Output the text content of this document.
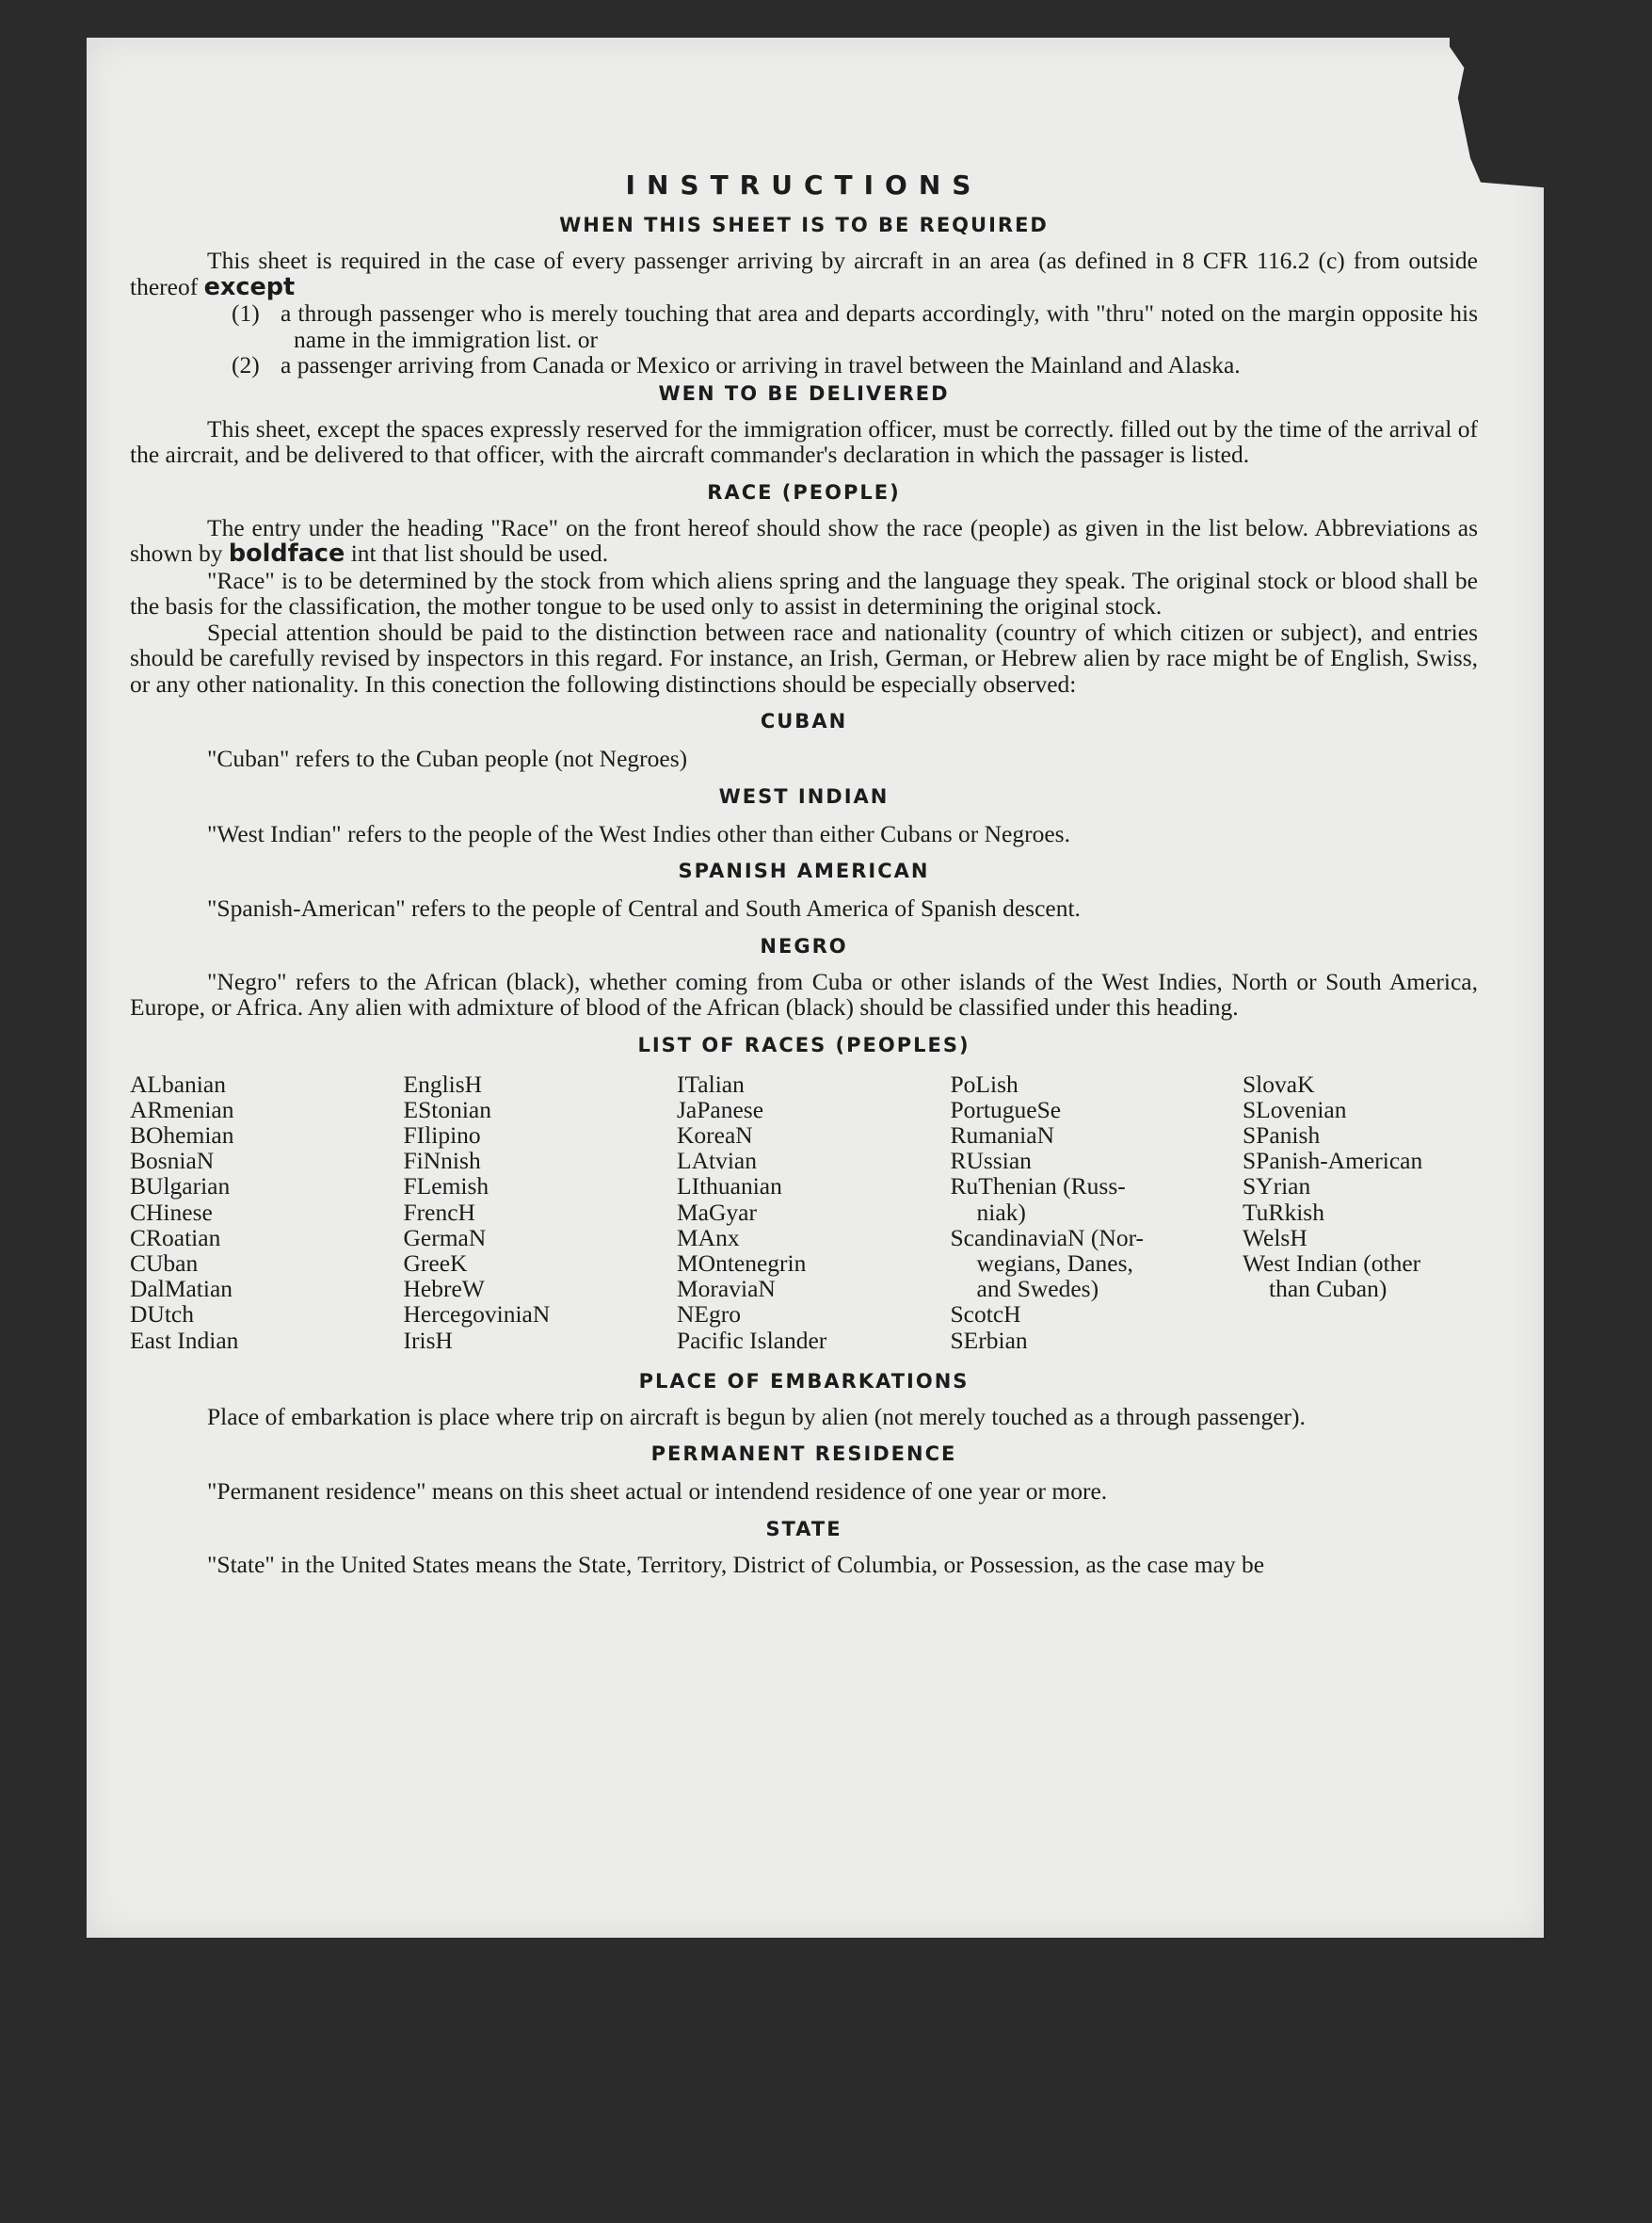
INSTRUCTIONS
WHEN THIS SHEET IS TO BE REQUIRED

This sheet is required in the case of every passenger arriving by aircraft in an area (as defined in 8 CFR 116.2 (c) from outside thereof except

(1) a through passenger who is merely touching that area and departs accordingly, with "thru" noted on the margin opposite his name in the immigration list. or

(2) a passenger arriving from Canada or Mexico or arriving in travel between the Mainland and Alaska.

WEN TO BE DELIVERED

This sheet, except the spaces expressly reserved for the immigration officer, must be correctly. filled out by the time of the arrival of the aircrait, and be delivered to that officer, with the aircraft commander's declaration in which the passager is listed.

RACE (PEOPLE)

The entry under the heading "Race" on the front hereof should show the race (people) as given in the list below. Abbreviations as shown by boldface int that list should be used.

"Race" is to be determined by the stock from which aliens spring and the language they speak. The original stock or blood shall be the basis for the classification, the mother tongue to be used only to assist in determining the original stock.

Special attention should be paid to the distinction between race and nationality (country of which citizen or subject), and entries should be carefully revised by inspectors in this regard. For instance, an Irish, German, or Hebrew alien by race might be of English, Swiss, or any other nationality. In this conection the following distinctions should be especially observed:

CUBAN

"Cuban" refers to the Cuban people (not Negroes)

WEST INDIAN

"West Indian" refers to the people of the West Indies other than either Cubans or Negroes.

SPANISH AMERICAN

"Spanish-American" refers to the people of Central and South America of Spanish descent.

NEGRO

"Negro" refers to the African (black), whether coming from Cuba or other islands of the West Indies, North or South America, Europe, or Africa. Any alien with admixture of blood of the African (black) should be classified under this heading.

LIST OF RACES (PEOPLES)
ALbanian
ARmenian
BOhemian
BosniaN
BUlgarian
CHinese
CRoatian
CUban
DalMatian
DUtch
East Indian
EnglisH
EStonian
FIlipino
FiNnish
FLemish
FrencH
GermaN
GreeK
HebreW
HercegoviniaN
IrisH
ITalian
JaPanese
KoreaN
LAtvian
LIthuanian
MaGyar
MAnx
MOntenegrin
MoraviaN
NEgro
Pacific Islander
PoLish
PortugueSe
RumaniaN
RUssian
RuThenian (Russ-
niak)
ScandinaviaN (Nor-
wegians, Danes,
and Swedes)
ScotcH
SErbian
SlovaK
SLovenian
SPanish
SPanish-American
SYrian
TuRkish
WelsH
West Indian (other
than Cuban)
PLACE OF EMBARKATIONS

Place of embarkation is place where trip on aircraft is begun by alien (not merely touched as a through passenger).

PERMANENT RESIDENCE

"Permanent residence" means on this sheet actual or intendend residence of one year or more.

STATE

"State" in the United States means the State, Territory, District of Columbia, or Possession, as the case may be
